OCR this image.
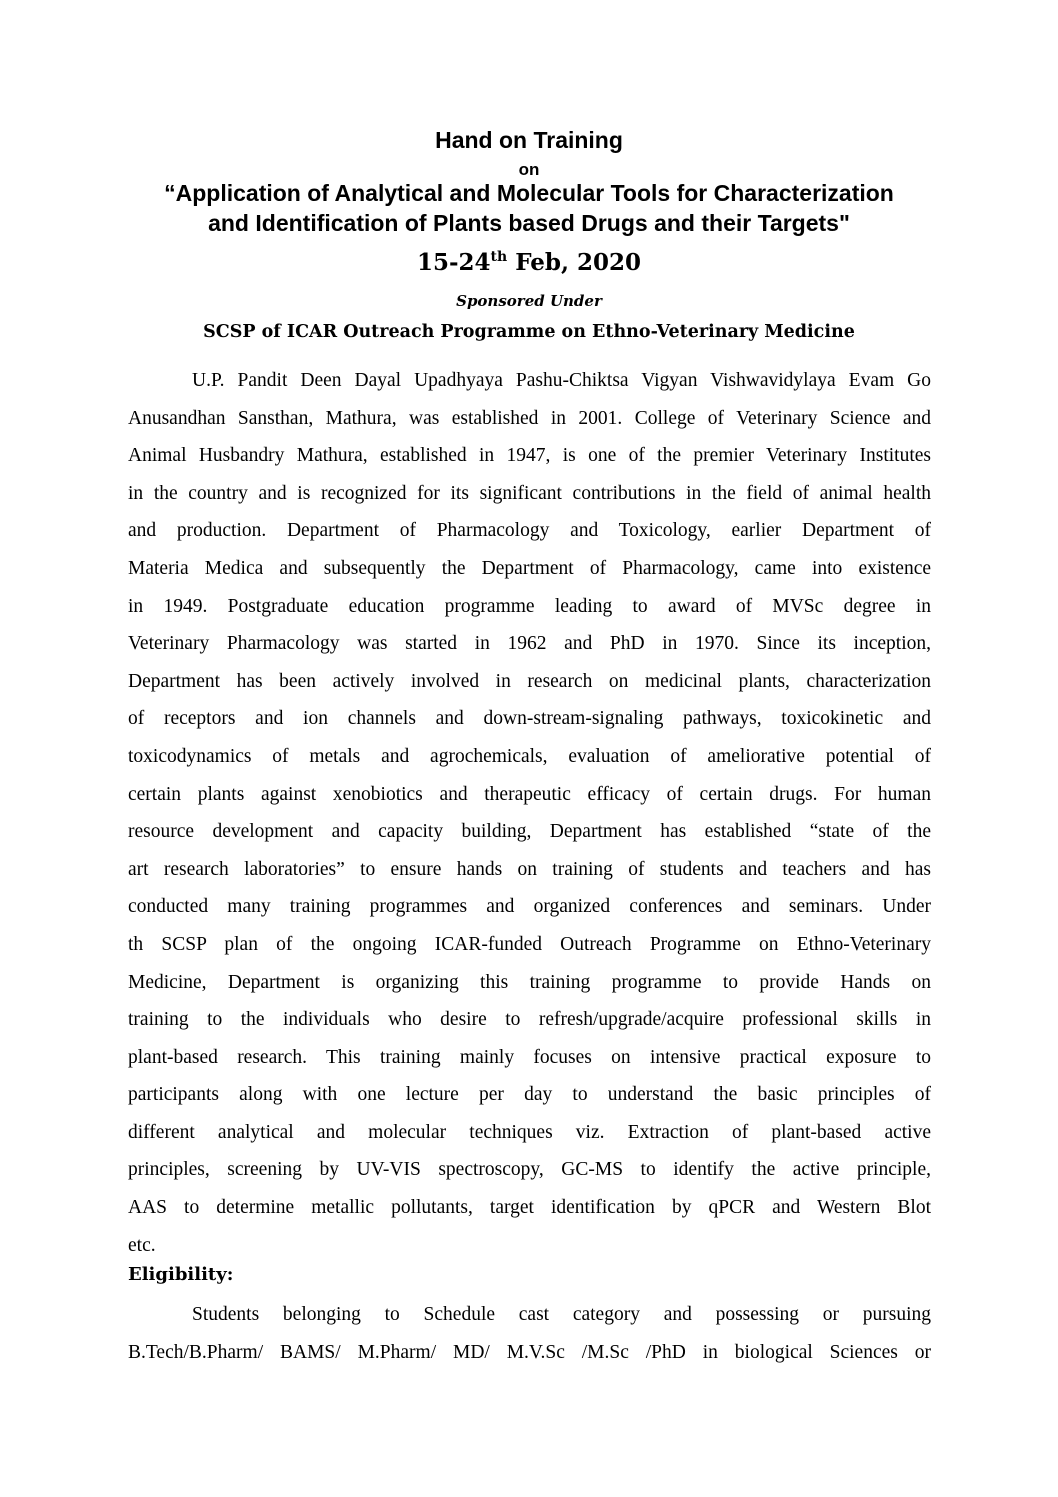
Hand on Training
on
“Application of Analytical and Molecular Tools for Characterization
and Identification of Plants based Drugs and their Targets"
15-24th Feb, 2020
Sponsored Under
SCSP of ICAR Outreach Programme on Ethno-Veterinary Medicine
U.P. Pandit Deen Dayal Upadhyaya Pashu-Chiktsa Vigyan Vishwavidylaya Evam Go
Anusandhan Sansthan, Mathura, was established in 2001. College of Veterinary Science and
Animal Husbandry Mathura, established in 1947, is one of the premier Veterinary Institutes
in the country and is recognized for its significant contributions in the field of animal health
and production. Department of Pharmacology and Toxicology, earlier Department of
Materia Medica and subsequently the Department of Pharmacology, came into existence
in 1949. Postgraduate education programme leading to award of MVSc degree in
Veterinary Pharmacology was started in 1962 and PhD in 1970. Since its inception,
Department has been actively involved in research on medicinal plants, characterization
of receptors and ion channels and down-stream-signaling pathways, toxicokinetic and
toxicodynamics of metals and agrochemicals, evaluation of ameliorative potential of
certain plants against xenobiotics and therapeutic efficacy of certain drugs. For human
resource development and capacity building, Department has established “state of the
art research laboratories” to ensure hands on training of students and teachers and has
conducted many training programmes and organized conferences and seminars. Under
th SCSP plan of the ongoing ICAR-funded Outreach Programme on Ethno-Veterinary
Medicine, Department is organizing this training programme to provide Hands on
training to the individuals who desire to refresh/upgrade/acquire professional skills in
plant-based research. This training mainly focuses on intensive practical exposure to
participants along with one lecture per day to understand the basic principles of
different analytical and molecular techniques viz. Extraction of plant-based active
principles, screening by UV-VIS spectroscopy, GC-MS to identify the active principle,
AAS to determine metallic pollutants, target identification by qPCR and Western Blot
etc.
Eligibility:
Students belonging to Schedule cast category and possessing or pursuing
B.Tech/B.Pharm/ BAMS/ M.Pharm/ MD/ M.V.Sc /M.Sc /PhD in biological Sciences or
